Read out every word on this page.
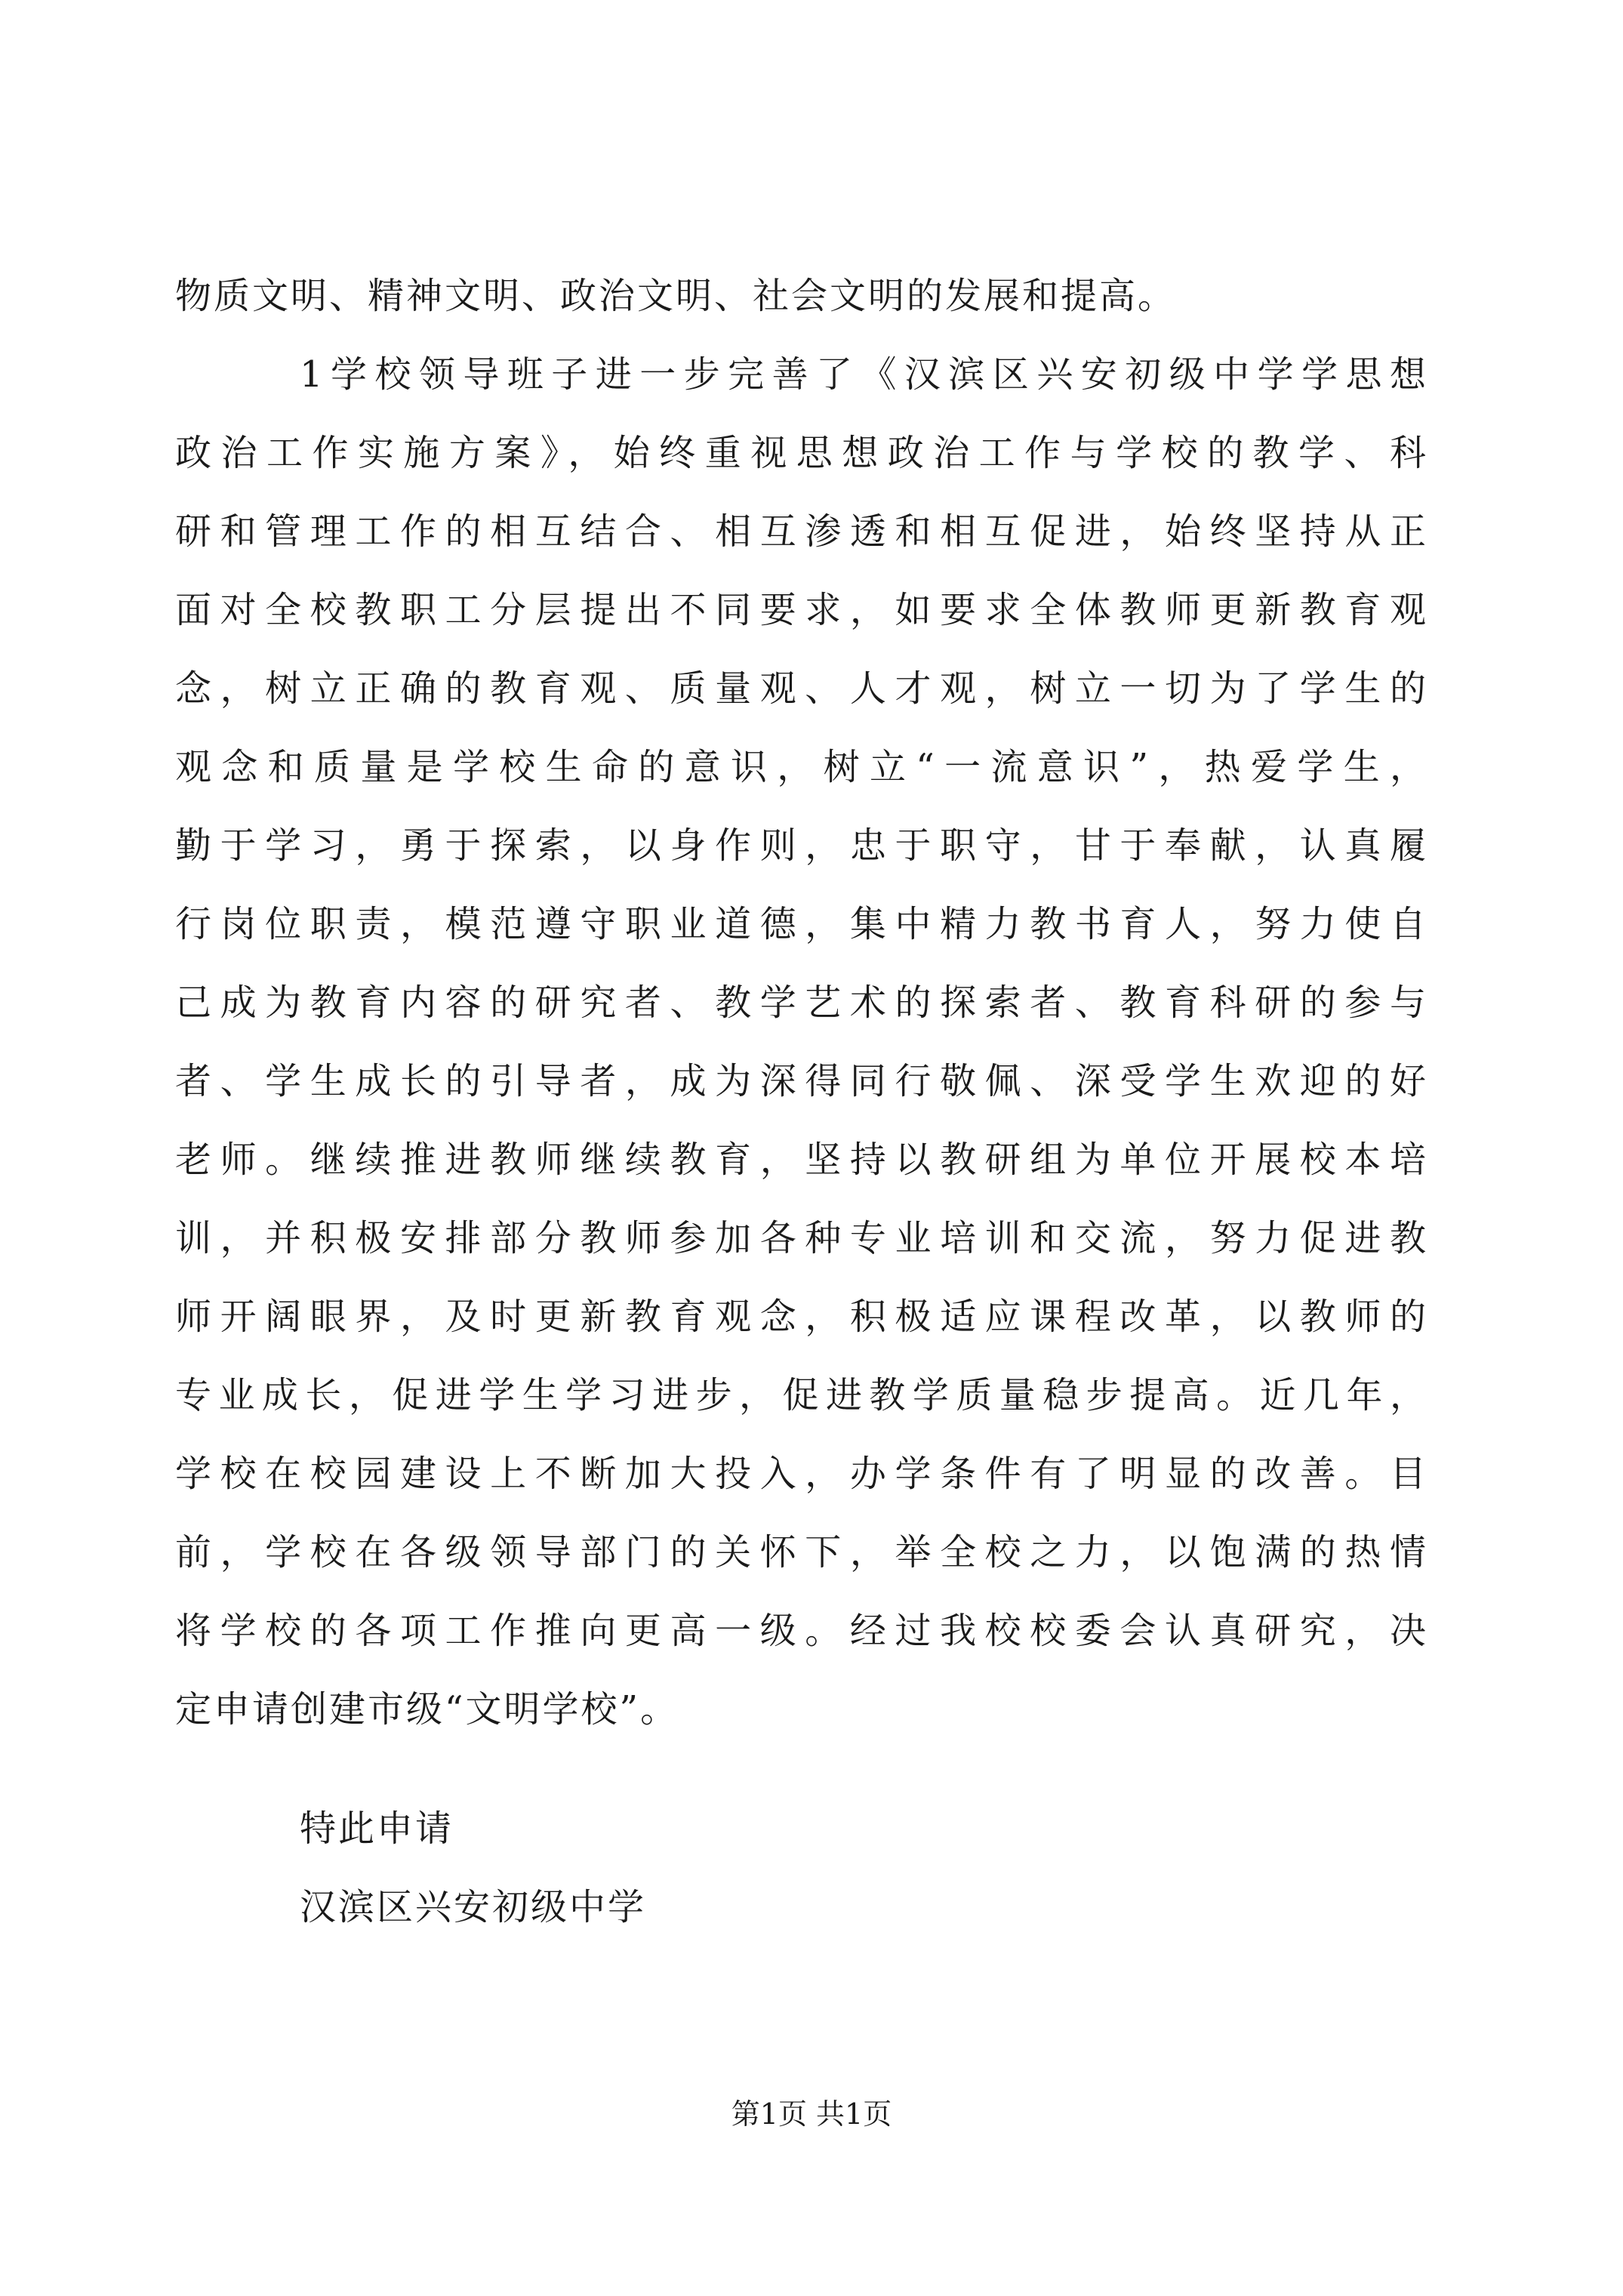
物质文明、精神文明、政治文明、社会文明的发展和提高。
1学校领导班子进一步完善了《汉滨区兴安初级中学学思想
政治工作实施方案》，始终重视思想政治工作与学校的教学、科
研和管理工作的相互结合、相互渗透和相互促进，始终坚持从正
面对全校教职工分层提出不同要求，如要求全体教师更新教育观
念，树立正确的教育观、质量观、人才观，树立一切为了学生的
观念和质量是学校生命的意识，树立“一流意识”，热爱学生，
勤于学习，勇于探索，以身作则，忠于职守，甘于奉献，认真履
行岗位职责，模范遵守职业道德，集中精力教书育人，努力使自
己成为教育内容的研究者、教学艺术的探索者、教育科研的参与
者、学生成长的引导者，成为深得同行敬佩、深受学生欢迎的好
老师。继续推进教师继续教育，坚持以教研组为单位开展校本培
训，并积极安排部分教师参加各种专业培训和交流，努力促进教
师开阔眼界，及时更新教育观念，积极适应课程改革，以教师的
专业成长，促进学生学习进步，促进教学质量稳步提高。近几年，
学校在校园建设上不断加大投入，办学条件有了明显的改善。目
前，学校在各级领导部门的关怀下，举全校之力，以饱满的热情
将学校的各项工作推向更高一级。经过我校校委会认真研究，决
定申请创建市级“文明学校”。
特此申请
汉滨区兴安初级中学
第1页 共1页
